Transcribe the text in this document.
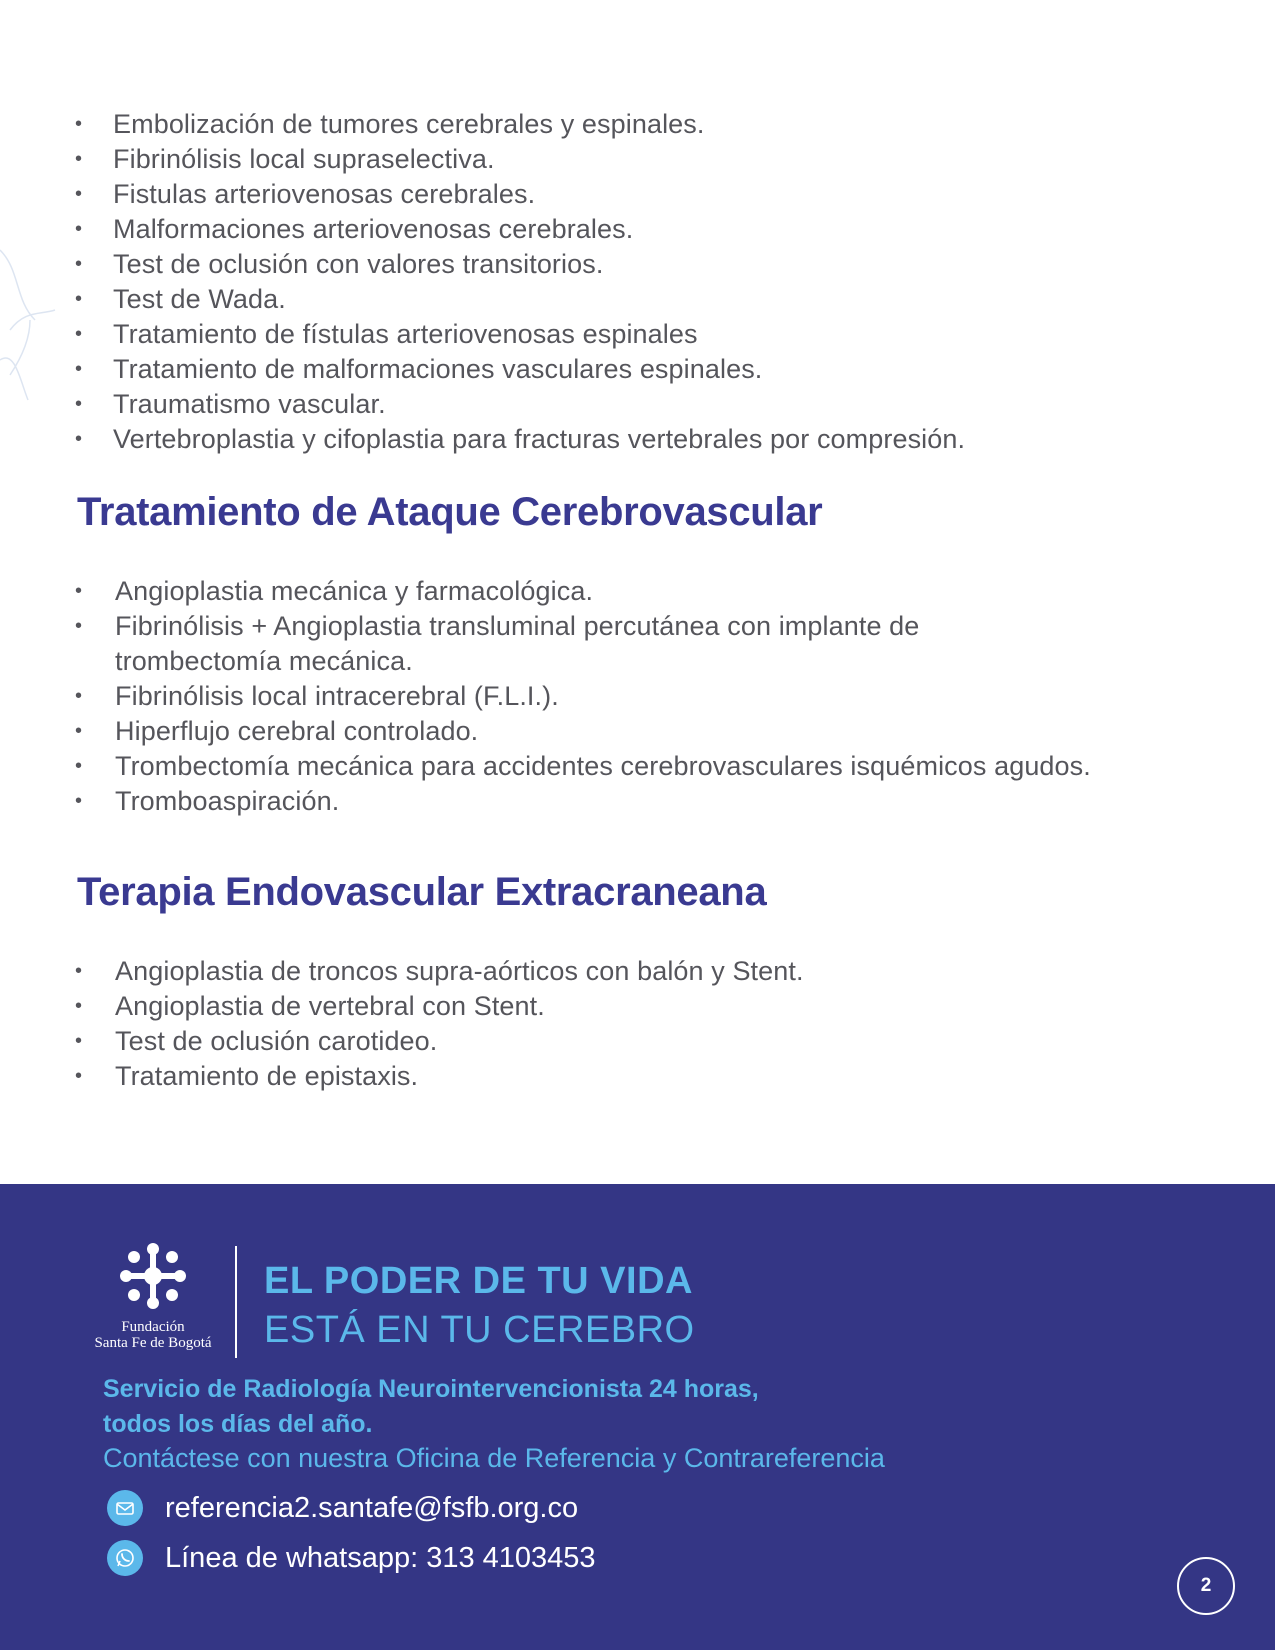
• Embolización de tumores cerebrales y espinales.
• Fibrinólisis local supraselectiva.
• Fistulas arteriovenosas cerebrales.
• Malformaciones arteriovenosas cerebrales.
• Test de oclusión con valores transitorios.
• Test de Wada.
• Tratamiento de fístulas arteriovenosas espinales
• Tratamiento de malformaciones vasculares espinales.
• Traumatismo vascular.
• Vertebroplastia y cifoplastia para fracturas vertebrales por compresión.
Tratamiento de Ataque Cerebrovascular
• Angioplastia mecánica y farmacológica.
• Fibrinólisis + Angioplastia transluminal percutánea con implante de trombectomía mecánica.
• Fibrinólisis local intracerebral (F.L.I.).
• Hiperflujo cerebral controlado.
• Trombectomía mecánica para accidentes cerebrovasculares isquémicos agudos.
• Tromboaspiración.
Terapia Endovascular Extracraneana
• Angioplastia de troncos supra-aórticos con balón y Stent.
• Angioplastia de vertebral con Stent.
• Test de oclusión carotideo.
• Tratamiento de epistaxis.
Fundación
Santa Fe de Bogotá
EL PODER DE TU VIDA
ESTÁ EN TU CEREBRO
Servicio de Radiología Neurointervencionista 24 horas,
todos los días del año.
Contáctese con nuestra Oficina de Referencia y Contrareferencia
referencia2.santafe@fsfb.org.co
Línea de whatsapp: 313 4103453
2
